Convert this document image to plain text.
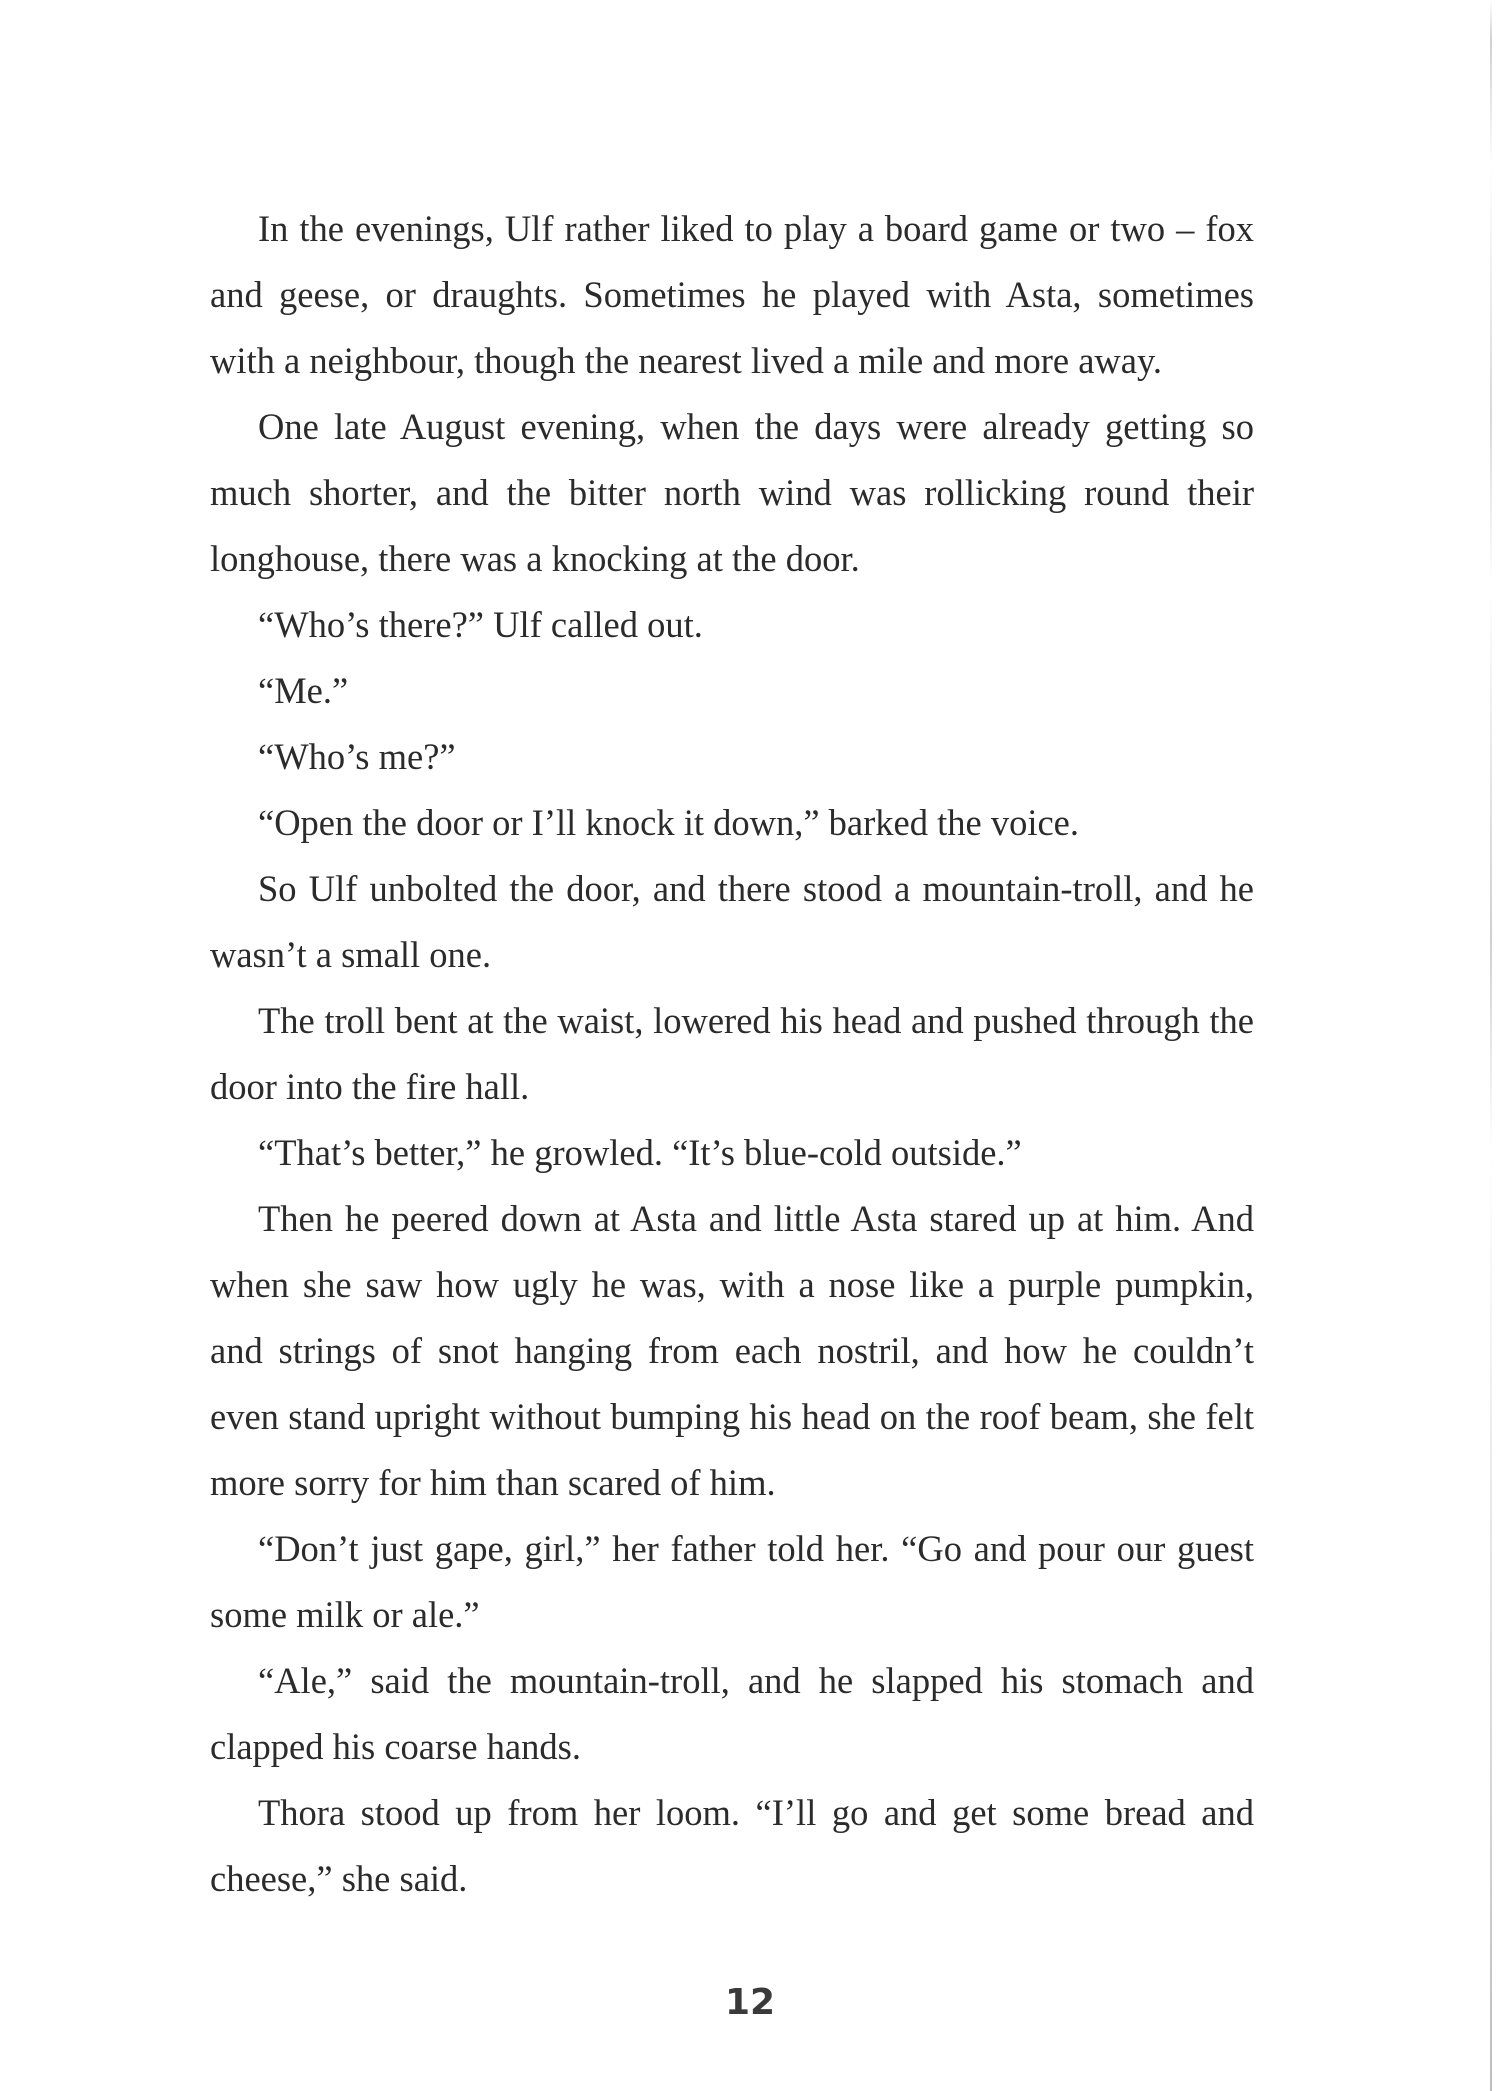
In the evenings, Ulf rather liked to play a board game or two – fox and geese, or draughts. Sometimes he played with Asta, sometimes with a neighbour, though the nearest lived a mile and more away.

One late August evening, when the days were already getting so much shorter, and the bitter north wind was rollicking round their longhouse, there was a knocking at the door.

“Who’s there?” Ulf called out.

“Me.”

“Who’s me?”

“Open the door or I’ll knock it down,” barked the voice.

So Ulf unbolted the door, and there stood a mountain-troll, and he wasn’t a small one.

The troll bent at the waist, lowered his head and pushed through the door into the fire hall.

“That’s better,” he growled. “It’s blue-cold outside.”

Then he peered down at Asta and little Asta stared up at him. And when she saw how ugly he was, with a nose like a purple pumpkin, and strings of snot hanging from each nostril, and how he couldn’t even stand upright without bumping his head on the roof beam, she felt more sorry for him than scared of him.

“Don’t just gape, girl,” her father told her. “Go and pour our guest some milk or ale.”

“Ale,” said the mountain-troll, and he slapped his stomach and clapped his coarse hands.

Thora stood up from her loom. “I’ll go and get some bread and cheese,” she said.

12
